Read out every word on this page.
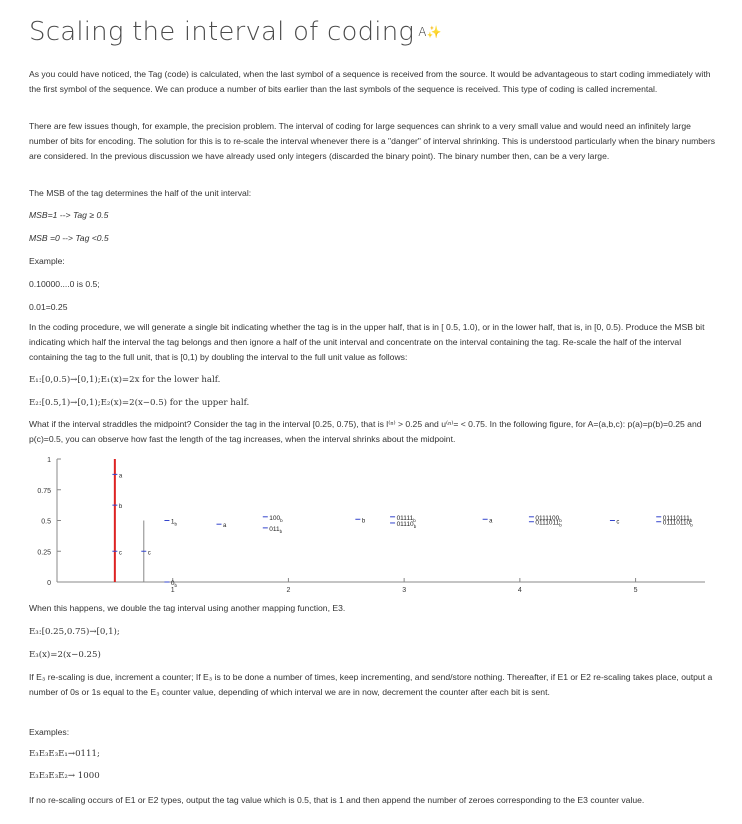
Scaling the interval of coding A✨

As you could have noticed, the Tag (code) is calculated, when the last symbol of a sequence is received from the source. It would be advantageous to start coding immediately with the first symbol of the sequence. We can produce a number of bits earlier than the last symbols of the sequence is received. This type of coding is called incremental.

There are few issues though, for example, the precision problem. The interval of coding for large sequences can shrink to a very small value and would need an infinitely large number of bits for encoding. The solution for this is to re-scale the interval whenever there is a "danger" of interval shrinking. This is understood particularly when the binary numbers are considered. In the previous discussion we have already used only integers (discarded the binary point). The binary number then, can be a very large.

The MSB of the tag determines the half of the unit interval:

MSB=1 --> Tag ≥ 0.5
MSB =0 --> Tag <0.5
Example:
0.10000....0 is 0.5;
0.01=0.25

In the coding procedure, we will generate a single bit indicating whether the tag is in the upper half, that is in [ 0.5, 1.0), or in the lower half, that is, in [0, 0.5). Produce the MSB bit indicating which half the interval the tag belongs and then ignore a half of the unit interval and concentrate on the interval containing the tag. Re-scale the half of the interval containing the tag to the full unit, that is [0,1) by doubling the interval to the full unit value as follows:

E₁:[0,0.5)→[0,1);E₁(x)=2x for the lower half.
E₂:[0.5,1)→[0,1);E₂(x)=2(x−0.5) for the upper half.

What if the interval straddles the midpoint? Consider the tag in the interval [0.25, 0.75), that is l⁽ⁿ⁾ > 0.25 and u⁽ⁿ⁾= < 0.75. In the following figure, for A=(a,b,c): p(a)=p(b)=0.25 and p(c)=0.5, you can observe how fast the length of the tag increases, when the interval shrinks about the midpoint.

0
0.25
0.5
0.75
1
1	2	3	4	5
a
b
c	c
$1_b$
$0_b$
a
$100_b$
$011_b$
b	$01111_b$
$01110_b$
a	$0111100_b$
$0111011_b$	c
$01110111_b$
$01110110_b$
When this happens, we double the tag interval using another mapping function, E3.
E₃:[0.25,0.75)→[0,1);
E₃(x)=2(x−0.25)

If E₃ re-scaling is due, increment a counter; If E₃ is to be done a number of times, keep incrementing, and send/store nothing. Thereafter, if E1 or E2 re-scaling takes place, output a number of 0s or 1s equal to the E₃ counter value, depending of which interval we are in now, decrement the counter after each bit is sent.

Examples:
E₃E₃E₃E₁→0111;
E₃E₃E₃E₂→ 1000

If no re-scaling occurs of E1 or E2 types, output the tag value which is 0.5, that is 1 and then append the number of zeroes corresponding to the E3 counter value.
